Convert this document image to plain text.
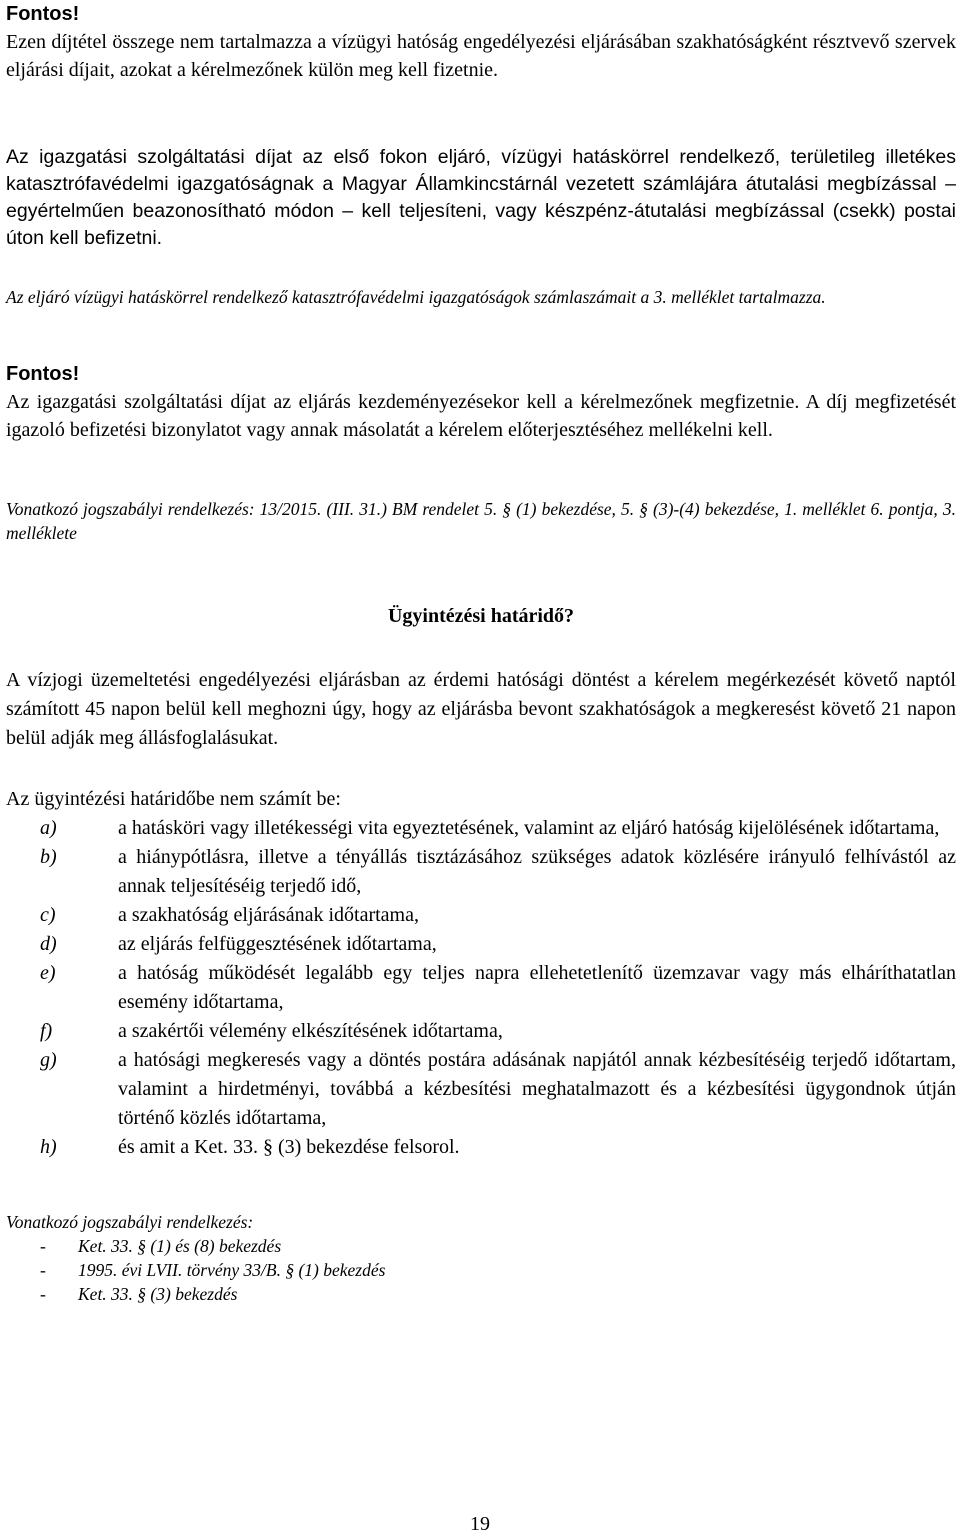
Fontos!

Ezen díjtétel összege nem tartalmazza a vízügyi hatóság engedélyezési eljárásában szakhatóságként résztvevő szervek eljárási díjait, azokat a kérelmezőnek külön meg kell fizetnie.

Az igazgatási szolgáltatási díjat az első fokon eljáró, vízügyi hatáskörrel rendelkező, területileg illetékes katasztrófavédelmi igazgatóságnak a Magyar Államkincstárnál vezetett számlájára átutalási megbízással – egyértelműen beazonosítható módon – kell teljesíteni, vagy készpénz-átutalási megbízással (csekk) postai úton kell befizetni.

Az eljáró vízügyi hatáskörrel rendelkező katasztrófavédelmi igazgatóságok számlaszámait a 3. melléklet tartalmazza.

Fontos!

Az igazgatási szolgáltatási díjat az eljárás kezdeményezésekor kell a kérelmezőnek megfizetnie. A díj megfizetését igazoló befizetési bizonylatot vagy annak másolatát a kérelem előterjesztéséhez mellékelni kell.

Vonatkozó jogszabályi rendelkezés: 13/2015. (III. 31.) BM rendelet 5. § (1) bekezdése, 5. § (3)-(4) bekezdése, 1. melléklet 6. pontja, 3. melléklete

Ügyintézési határidő?

A vízjogi üzemeltetési engedélyezési eljárásban az érdemi hatósági döntést a kérelem megérkezését követő naptól számított 45 napon belül kell meghozni úgy, hogy az eljárásba bevont szakhatóságok a megkeresést követő 21 napon belül adják meg állásfoglalásukat.

Az ügyintézési határidőbe nem számít be:

a)	a hatásköri vagy illetékességi vita egyeztetésének, valamint az eljáró hatóság kijelölésének időtartama,
b)	a hiánypótlásra, illetve a tényállás tisztázásához szükséges adatok közlésére irányuló felhívástól az annak teljesítéséig terjedő idő,
c)	a szakhatóság eljárásának időtartama,
d)	az eljárás felfüggesztésének időtartama,
e)	a hatóság működését legalább egy teljes napra ellehetetlenítő üzemzavar vagy más elháríthatatlan esemény időtartama,
f)	a szakértői vélemény elkészítésének időtartama,
g)	a hatósági megkeresés vagy a döntés postára adásának napjától annak kézbesítéséig terjedő időtartam, valamint a hirdetményi, továbbá a kézbesítési meghatalmazott és a kézbesítési ügygondnok útján történő közlés időtartama,
h)	és amit a Ket. 33. § (3) bekezdése felsorol.

Vonatkozó jogszabályi rendelkezés:

-	Ket. 33. § (1) és (8) bekezdés
-	1995. évi LVII. törvény 33/B. § (1) bekezdés
-	Ket. 33. § (3) bekezdés
19
